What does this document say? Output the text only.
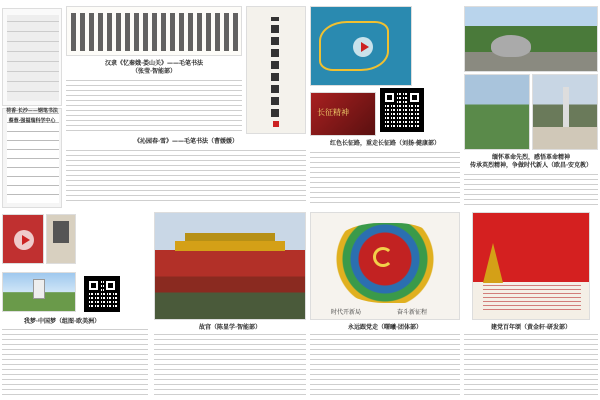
荷香·长沙——钢笔书法
蔡蓉·强福瑞科学中心
我梦·中国梦（组图·欧美洲）
汉隶《忆秦娥·娄山关》——毛笔书法
（张莹·智能部）
《沁园春·雪》——毛笔书法（曹媛媛）
故宫（陈显学·智能部）
长征精神
红色长征路，重走长征路（刘扬·健康部）
时代开新局	奋斗新征程
永远跟党走（曙曦·团体部）
缅怀革命先烈，感悟革命精神
传承英烈精神，争做时代新人（欧昌·安克教）
建党百年颂（黄金轩·研发部）
